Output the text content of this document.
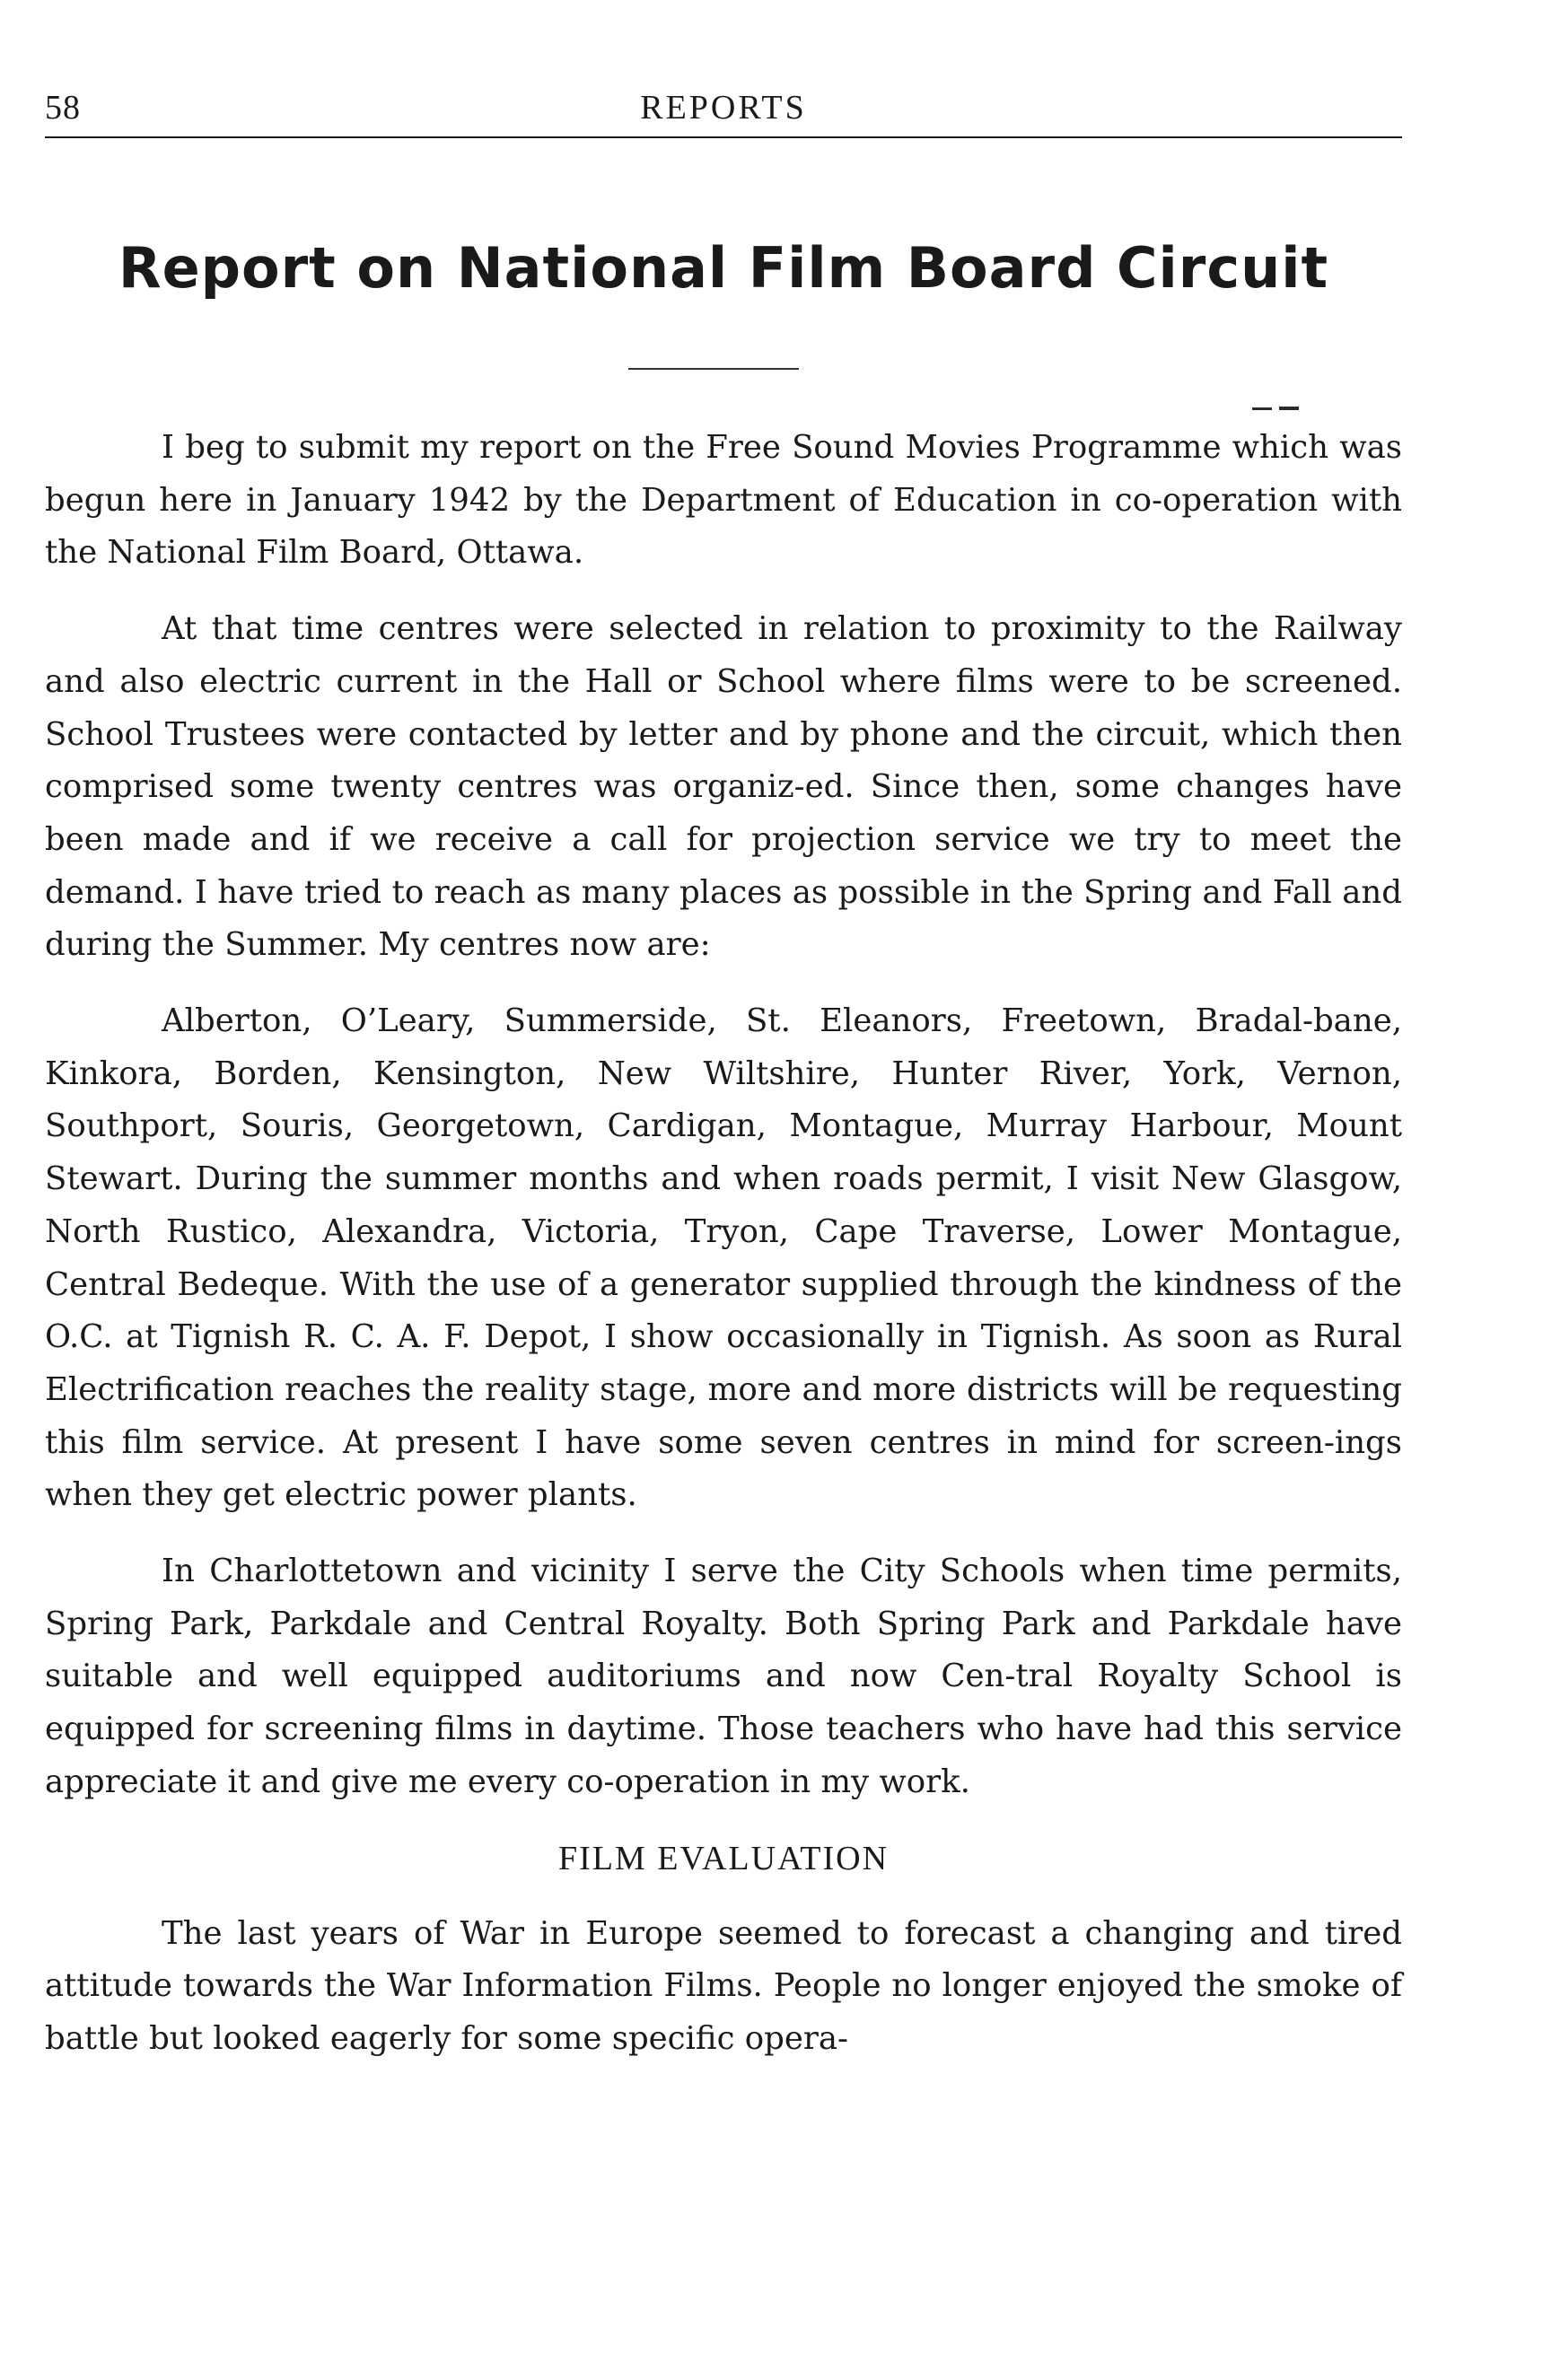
58	REPORTS
Report on National Film Board Circuit

I beg to submit my report on the Free Sound Movies Programme which was begun here in January 1942 by the Department of Education in co-operation with the National Film Board, Ottawa.

At that time centres were selected in relation to proximity to the Railway and also electric current in the Hall or School where films were to be screened. School Trustees were contacted by letter and by phone and the circuit, which then comprised some twenty centres was organiz-ed. Since then, some changes have been made and if we receive a call for projection service we try to meet the demand. I have tried to reach as many places as possible in the Spring and Fall and during the Summer. My centres now are:

Alberton, O’Leary, Summerside, St. Eleanors, Freetown, Bradal-bane, Kinkora, Borden, Kensington, New Wiltshire, Hunter River, York, Vernon, Southport, Souris, Georgetown, Cardigan, Montague, Murray Harbour, Mount Stewart. During the summer months and when roads permit, I visit New Glasgow, North Rustico, Alexandra, Victoria, Tryon, Cape Traverse, Lower Montague, Central Bedeque. With the use of a generator supplied through the kindness of the O.C. at Tignish R. C. A. F. Depot, I show occasionally in Tignish. As soon as Rural Electrification reaches the reality stage, more and more districts will be requesting this film service. At present I have some seven centres in mind for screen-ings when they get electric power plants.

In Charlottetown and vicinity I serve the City Schools when time permits, Spring Park, Parkdale and Central Royalty. Both Spring Park and Parkdale have suitable and well equipped auditoriums and now Cen-tral Royalty School is equipped for screening films in daytime. Those teachers who have had this service appreciate it and give me every co-operation in my work.

FILM EVALUATION

The last years of War in Europe seemed to forecast a changing and tired attitude towards the War Information Films. People no longer enjoyed the smoke of battle but looked eagerly for some specific opera-
